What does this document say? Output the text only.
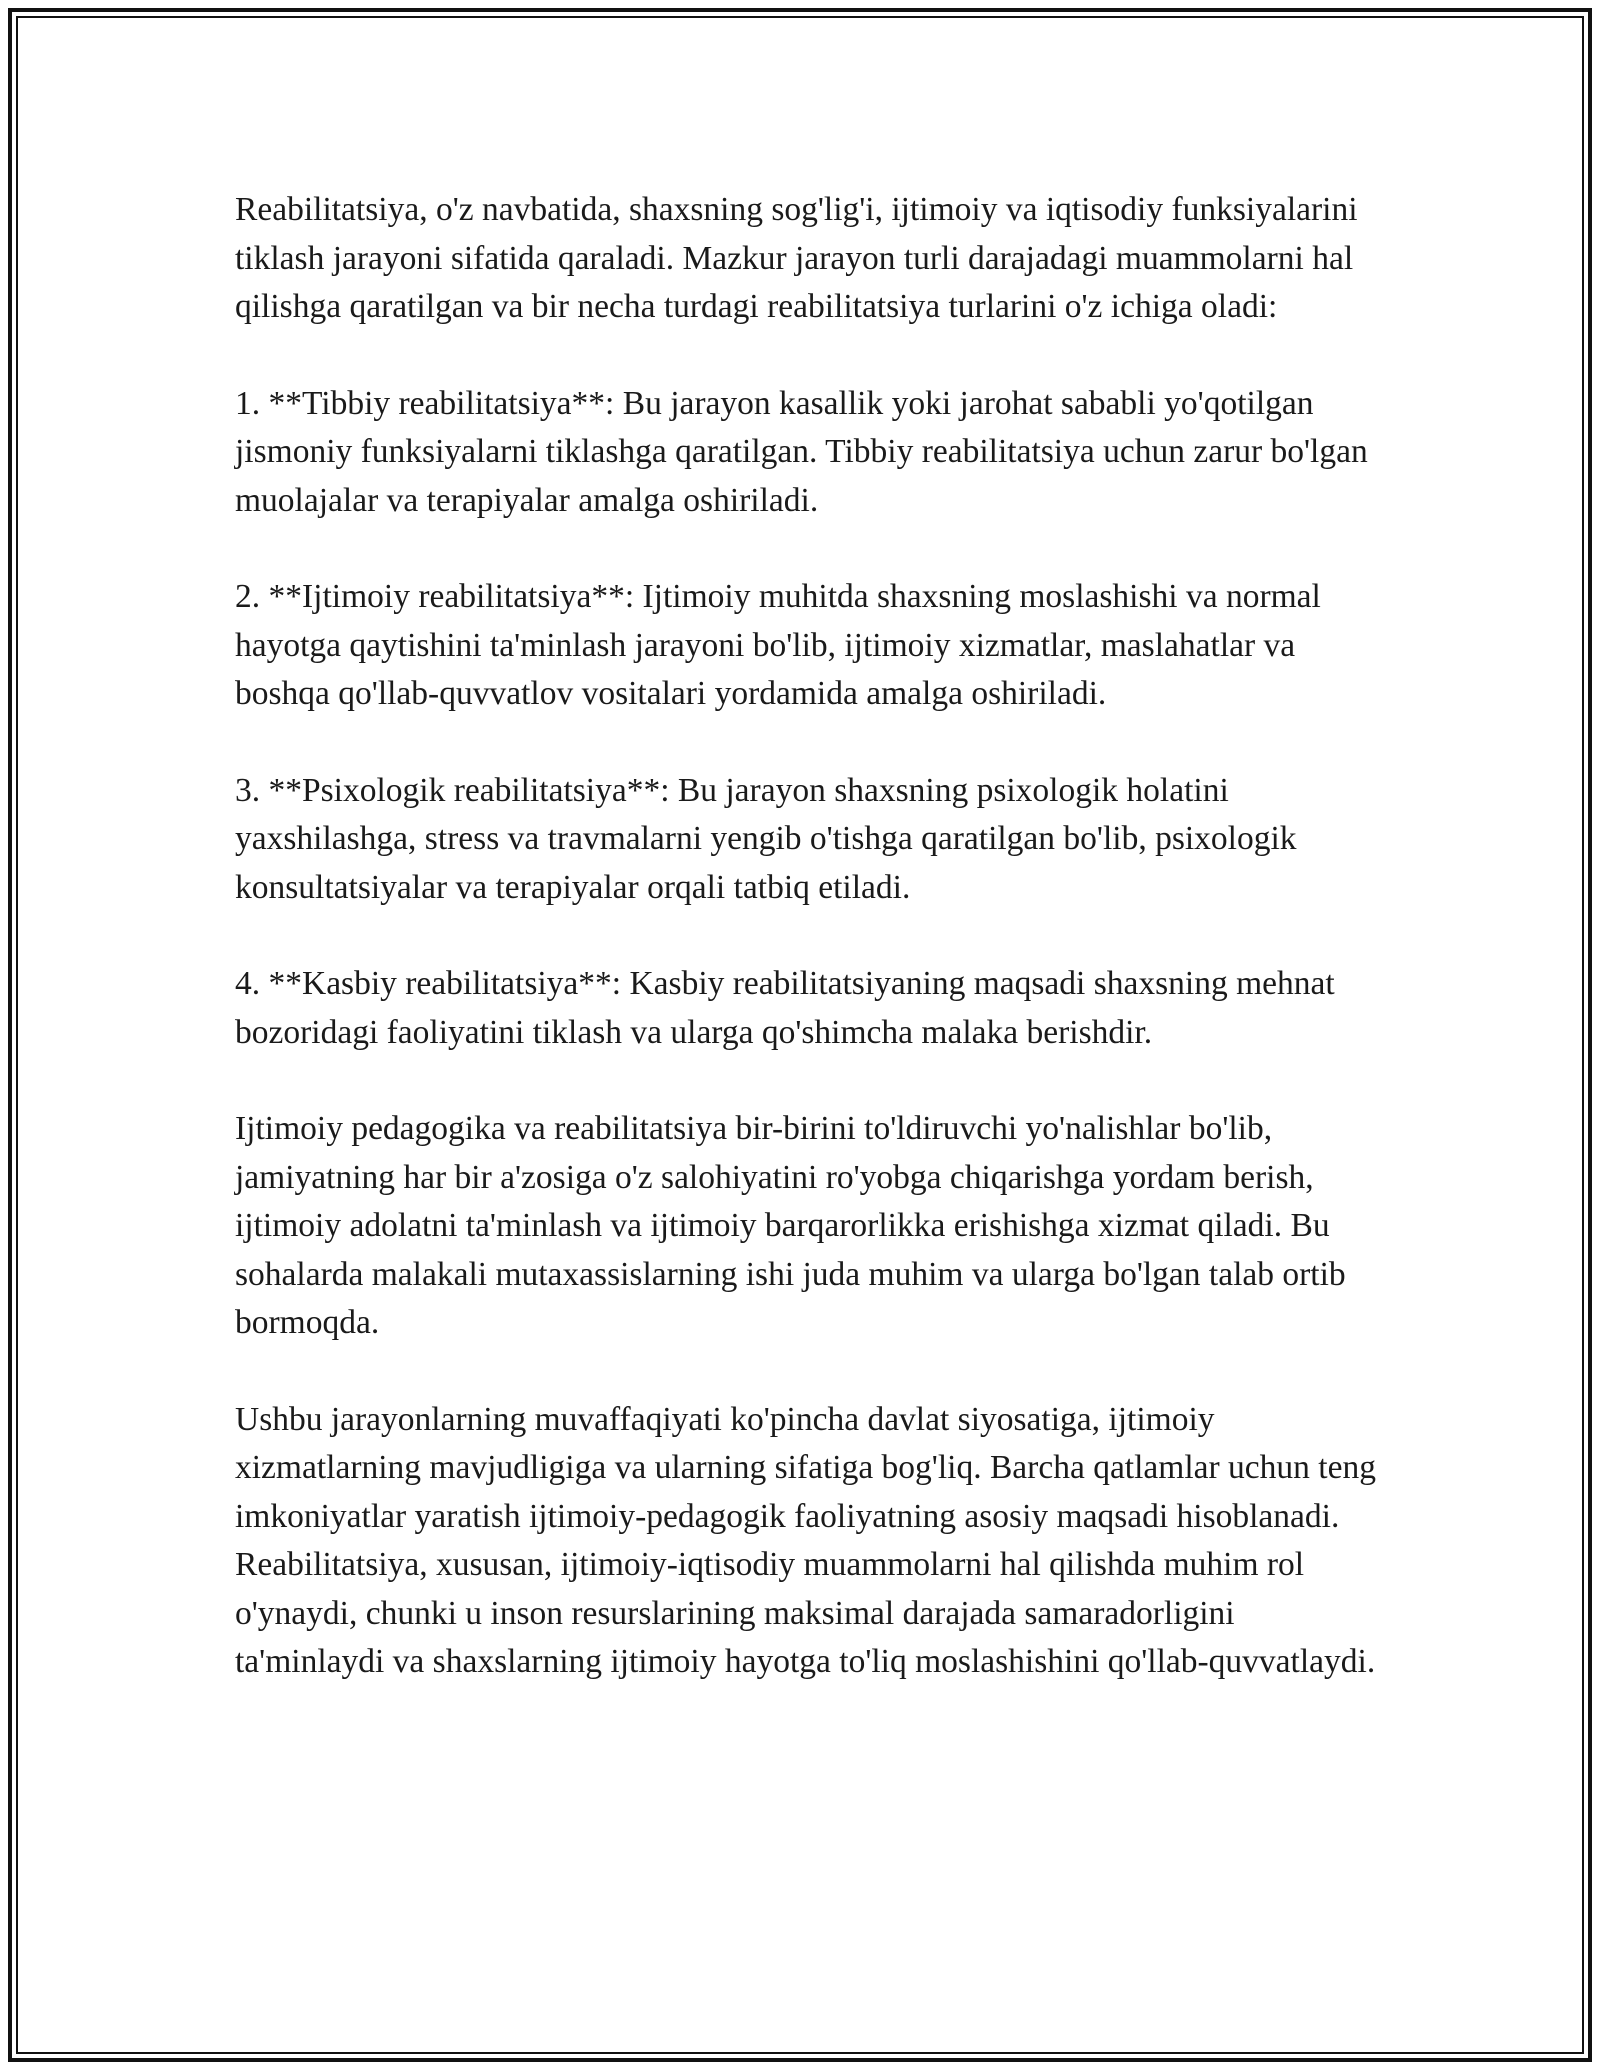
Reabilitatsiya, o'z navbatida, shaxsning sog'lig'i, ijtimoiy va iqtisodiy funksiyalarini tiklash jarayoni sifatida qaraladi. Mazkur jarayon turli darajadagi muammolarni hal qilishga qaratilgan va bir necha turdagi reabilitatsiya turlarini o'z ichiga oladi:

1. **Tibbiy reabilitatsiya**: Bu jarayon kasallik yoki jarohat sababli yo'qotilgan jismoniy funksiyalarni tiklashga qaratilgan. Tibbiy reabilitatsiya uchun zarur bo'lgan muolajalar va terapiyalar amalga oshiriladi.

2. **Ijtimoiy reabilitatsiya**: Ijtimoiy muhitda shaxsning moslashishi va normal hayotga qaytishini ta'minlash jarayoni bo'lib, ijtimoiy xizmatlar, maslahatlar va boshqa qo'llab-quvvatlov vositalari yordamida amalga oshiriladi.

3. **Psixologik reabilitatsiya**: Bu jarayon shaxsning psixologik holatini yaxshilashga, stress va travmalarni yengib o'tishga qaratilgan bo'lib, psixologik konsultatsiyalar va terapiyalar orqali tatbiq etiladi.

4. **Kasbiy reabilitatsiya**: Kasbiy reabilitatsiyaning maqsadi shaxsning mehnat bozoridagi faoliyatini tiklash va ularga qo'shimcha malaka berishdir.

Ijtimoiy pedagogika va reabilitatsiya bir-birini to'ldiruvchi yo'nalishlar bo'lib, jamiyatning har bir a'zosiga o'z salohiyatini ro'yobga chiqarishga yordam berish, ijtimoiy adolatni ta'minlash va ijtimoiy barqarorlikka erishishga xizmat qiladi. Bu sohalarda malakali mutaxassislarning ishi juda muhim va ularga bo'lgan talab ortib bormoqda.

Ushbu jarayonlarning muvaffaqiyati ko'pincha davlat siyosatiga, ijtimoiy xizmatlarning mavjudligiga va ularning sifatiga bog'liq. Barcha qatlamlar uchun teng imkoniyatlar yaratish ijtimoiy-pedagogik faoliyatning asosiy maqsadi hisoblanadi. Reabilitatsiya, xususan, ijtimoiy-iqtisodiy muammolarni hal qilishda muhim rol o'ynaydi, chunki u inson resurslarining maksimal darajada samaradorligini ta'minlaydi va shaxslarning ijtimoiy hayotga to'liq moslashishini qo'llab-quvvatlaydi.
